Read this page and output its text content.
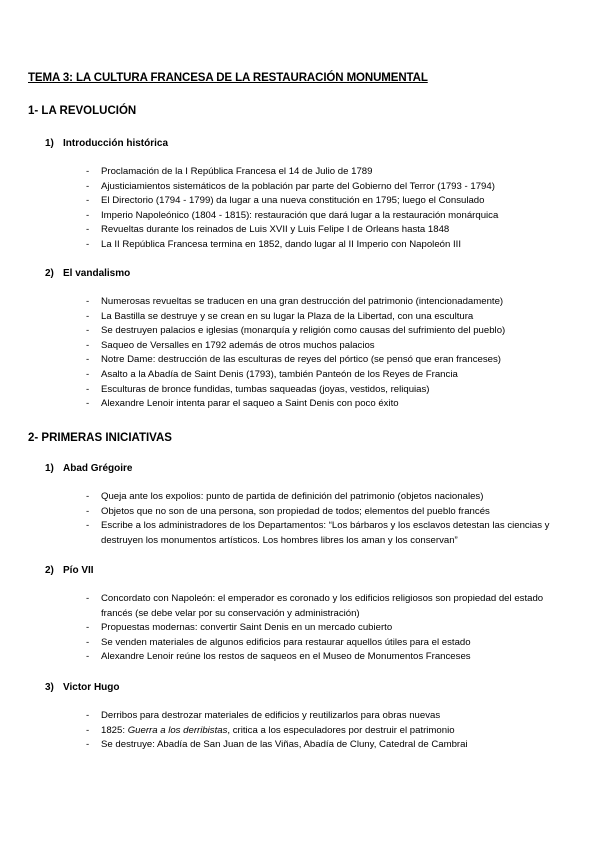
TEMA 3: LA CULTURA FRANCESA DE LA RESTAURACIÓN MONUMENTAL
1- LA REVOLUCIÓN
1) Introducción histórica
- Proclamación de la I República Francesa el 14 de Julio de 1789
- Ajusticiamientos sistemáticos de la población par parte del Gobierno del Terror (1793 - 1794)
- El Directorio (1794 - 1799) da lugar a una nueva constitución en 1795; luego el Consulado
- Imperio Napoleónico (1804 - 1815): restauración que dará lugar a la restauración monárquica
- Revueltas durante los reinados de Luis XVII y Luis Felipe I de Orleans hasta 1848
- La II República Francesa termina en 1852, dando lugar al II Imperio con Napoleón III
2) El vandalismo
- Numerosas revueltas se traducen en una gran destrucción del patrimonio (intencionadamente)
- La Bastilla se destruye y se crean en su lugar la Plaza de la Libertad, con una escultura
- Se destruyen palacios e iglesias (monarquía y religión como causas del sufrimiento del pueblo)
- Saqueo de Versalles en 1792 además de otros muchos palacios
- Notre Dame: destrucción de las esculturas de reyes del pórtico (se pensó que eran franceses)
- Asalto a la Abadía de Saint Denis (1793), también Panteón de los Reyes de Francia
- Esculturas de bronce fundidas, tumbas saqueadas (joyas, vestidos, reliquias)
- Alexandre Lenoir intenta parar el saqueo a Saint Denis con poco éxito
2- PRIMERAS INICIATIVAS
1) Abad Grégoire
- Queja ante los expolios: punto de partida de definición del patrimonio (objetos nacionales)
- Objetos que no son de una persona, son propiedad de todos; elementos del pueblo francés
- Escribe a los administradores de los Departamentos: “Los bárbaros y los esclavos detestan las ciencias y destruyen los monumentos artísticos. Los hombres libres los aman y los conservan”
2) Pío VII
- Concordato con Napoleón: el emperador es coronado y los edificios religiosos son propiedad del estado francés (se debe velar por su conservación y administración)
- Propuestas modernas: convertir Saint Denis en un mercado cubierto
- Se venden materiales de algunos edificios para restaurar aquellos útiles para el estado
- Alexandre Lenoir reúne los restos de saqueos en el Museo de Monumentos Franceses
3) Victor Hugo
- Derribos para destrozar materiales de edificios y reutilizarlos para obras nuevas
- 1825: Guerra a los derribistas, critica a los especuladores por destruir el patrimonio
- Se destruye: Abadía de San Juan de las Viñas, Abadía de Cluny, Catedral de Cambrai
